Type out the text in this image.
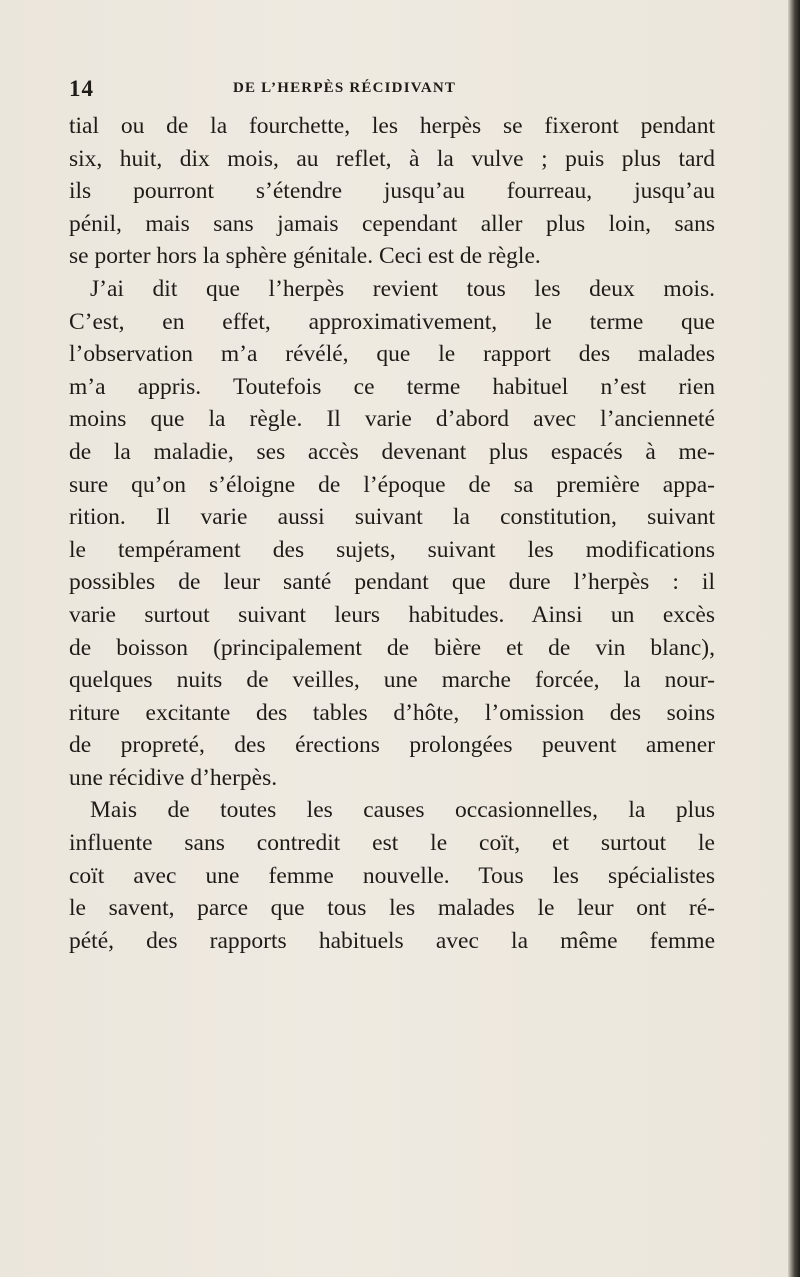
14	DE L’HERPÈS RÉCIDIVANT
tial ou de la fourchette, les herpès se fixeront pendant
six, huit, dix mois, au reflet, à la vulve ; puis plus tard
ils pourront s’étendre jusqu’au fourreau, jusqu’au
pénil, mais sans jamais cependant aller plus loin, sans
se porter hors la sphère génitale. Ceci est de règle.
J’ai dit que l’herpès revient tous les deux mois.
C’est, en effet, approximativement, le terme que
l’observation m’a révélé, que le rapport des malades
m’a appris. Toutefois ce terme habituel n’est rien
moins que la règle. Il varie d’abord avec l’ancienneté
de la maladie, ses accès devenant plus espacés à me-
sure qu’on s’éloigne de l’époque de sa première appa-
rition. Il varie aussi suivant la constitution, suivant
le tempérament des sujets, suivant les modifications
possibles de leur santé pendant que dure l’herpès : il
varie surtout suivant leurs habitudes. Ainsi un excès
de boisson (principalement de bière et de vin blanc),
quelques nuits de veilles, une marche forcée, la nour-
riture excitante des tables d’hôte, l’omission des soins
de propreté, des érections prolongées peuvent amener
une récidive d’herpès.
Mais de toutes les causes occasionnelles, la plus
influente sans contredit est le coït, et surtout le
coït avec une femme nouvelle. Tous les spécialistes
le savent, parce que tous les malades le leur ont ré-
pété, des rapports habituels avec la même femme
